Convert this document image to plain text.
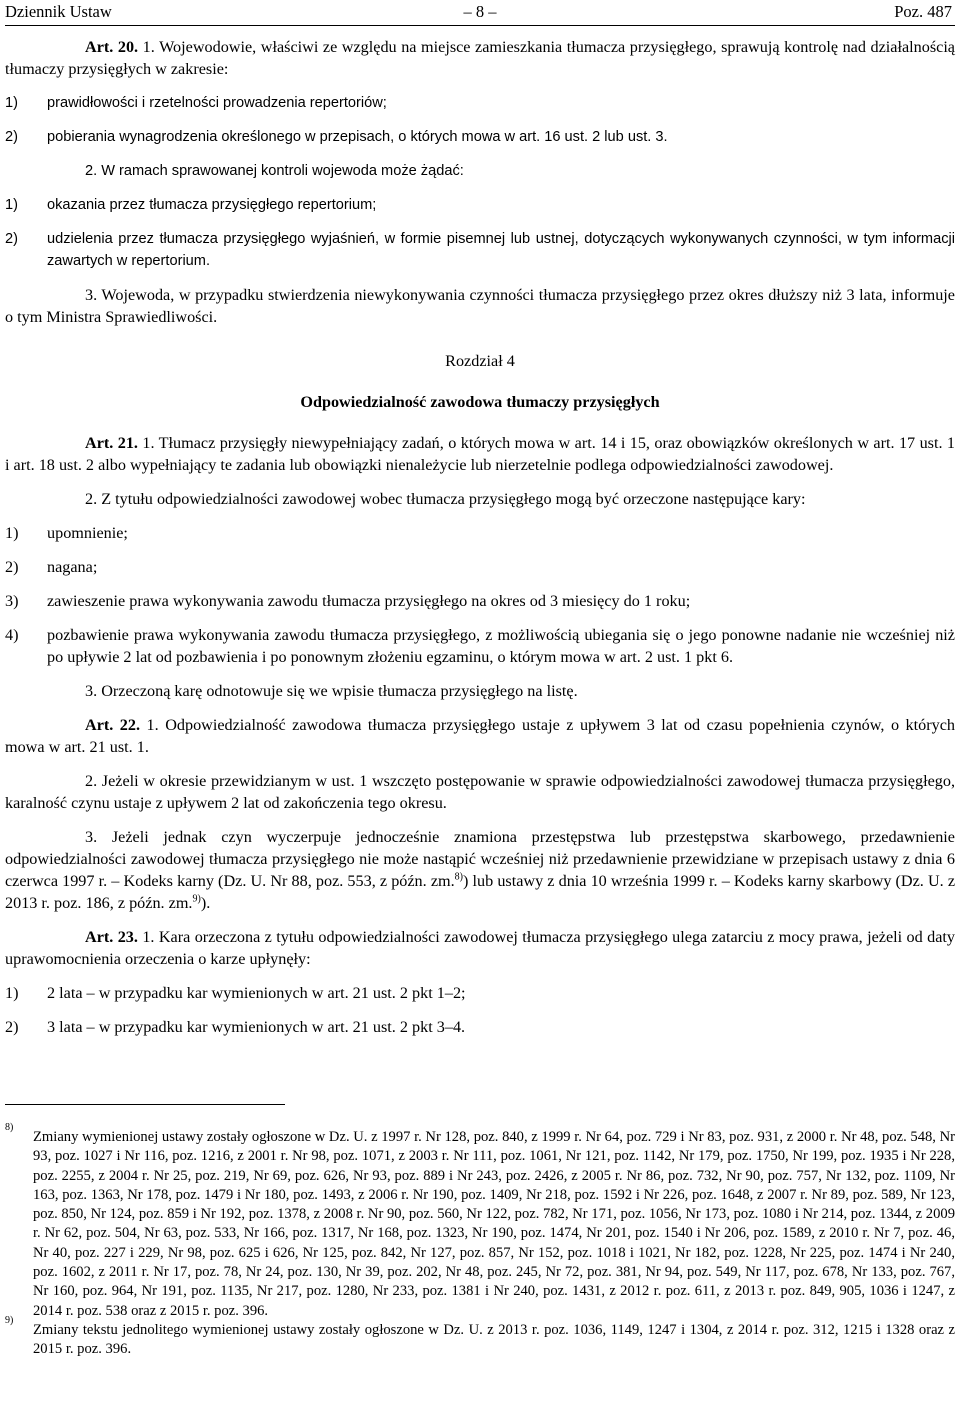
Dziennik Ustaw	– 8 –	Poz. 487

Art. 20. 1. Wojewodowie, właściwi ze względu na miejsce zamieszkania tłumacza przysięgłego, sprawują kontrolę nad działalnością tłumaczy przysięgłych w zakresie:

1)	prawidłowości i rzetelności prowadzenia repertoriów;
2)	pobierania wynagrodzenia określonego w przepisach, o których mowa w art. 16 ust. 2 lub ust. 3.

2. W ramach sprawowanej kontroli wojewoda może żądać:

1)	okazania przez tłumacza przysięgłego repertorium;
2)	udzielenia przez tłumacza przysięgłego wyjaśnień, w formie pisemnej lub ustnej, dotyczących wykonywanych czynności, w tym informacji zawartych w repertorium.

3. Wojewoda, w przypadku stwierdzenia niewykonywania czynności tłumacza przysięgłego przez okres dłuższy niż 3 lata, informuje o tym Ministra Sprawiedliwości.

Rozdział 4

Odpowiedzialność zawodowa tłumaczy przysięgłych

Art. 21. 1. Tłumacz przysięgły niewypełniający zadań, o których mowa w art. 14 i 15, oraz obowiązków określonych w art. 17 ust. 1 i art. 18 ust. 2 albo wypełniający te zadania lub obowiązki nienależycie lub nierzetelnie podlega odpowiedzialności zawodowej.

2. Z tytułu odpowiedzialności zawodowej wobec tłumacza przysięgłego mogą być orzeczone następujące kary:

1)	upomnienie;
2)	nagana;
3)	zawieszenie prawa wykonywania zawodu tłumacza przysięgłego na okres od 3 miesięcy do 1 roku;
4)	pozbawienie prawa wykonywania zawodu tłumacza przysięgłego, z możliwością ubiegania się o jego ponowne nadanie nie wcześniej niż po upływie 2 lat od pozbawienia i po ponownym złożeniu egzaminu, o którym mowa w art. 2 ust. 1 pkt 6.

3. Orzeczoną karę odnotowuje się we wpisie tłumacza przysięgłego na listę.

Art. 22. 1. Odpowiedzialność zawodowa tłumacza przysięgłego ustaje z upływem 3 lat od czasu popełnienia czynów, o których mowa w art. 21 ust. 1.

2. Jeżeli w okresie przewidzianym w ust. 1 wszczęto postępowanie w sprawie odpowiedzialności zawodowej tłumacza przysięgłego, karalność czynu ustaje z upływem 2 lat od zakończenia tego okresu.

3. Jeżeli jednak czyn wyczerpuje jednocześnie znamiona przestępstwa lub przestępstwa skarbowego, przedawnienie odpowiedzialności zawodowej tłumacza przysięgłego nie może nastąpić wcześniej niż przedawnienie przewidziane w przepisach ustawy z dnia 6 czerwca 1997 r. – Kodeks karny (Dz. U. Nr 88, poz. 553, z późn. zm.$^{8)}$) lub ustawy z dnia 10 września 1999 r. – Kodeks karny skarbowy (Dz. U. z 2013 r. poz. 186, z późn. zm.$^{9)}$).

Art. 23. 1. Kara orzeczona z tytułu odpowiedzialności zawodowej tłumacza przysięgłego ulega zatarciu z mocy prawa, jeżeli od daty uprawomocnienia orzeczenia o karze upłynęły:

1)	2 lata – w przypadku kar wymienionych w art. 21 ust. 2 pkt 1–2;
2)	3 lata – w przypadku kar wymienionych w art. 21 ust. 2 pkt 3–4.
8)
Zmiany wymienionej ustawy zostały ogłoszone w Dz. U. z 1997 r. Nr 128, poz. 840, z 1999 r. Nr 64, poz. 729 i Nr 83, poz. 931, z 2000 r. Nr 48, poz. 548, Nr 93, poz. 1027 i Nr 116, poz. 1216, z 2001 r. Nr 98, poz. 1071, z 2003 r. Nr 111, poz. 1061, Nr 121, poz. 1142, Nr 179, poz. 1750, Nr 199, poz. 1935 i Nr 228, poz. 2255, z 2004 r. Nr 25, poz. 219, Nr 69, poz. 626, Nr 93, poz. 889 i Nr 243, poz. 2426, z 2005 r. Nr 86, poz. 732, Nr 90, poz. 757, Nr 132, poz. 1109, Nr 163, poz. 1363, Nr 178, poz. 1479 i Nr 180, poz. 1493, z 2006 r. Nr 190, poz. 1409, Nr 218, poz. 1592 i Nr 226, poz. 1648, z 2007 r. Nr 89, poz. 589, Nr 123, poz. 850, Nr 124, poz. 859 i Nr 192, poz. 1378, z 2008 r. Nr 90, poz. 560, Nr 122, poz. 782, Nr 171, poz. 1056, Nr 173, poz. 1080 i Nr 214, poz. 1344, z 2009 r. Nr 62, poz. 504, Nr 63, poz. 533, Nr 166, poz. 1317, Nr 168, poz. 1323, Nr 190, poz. 1474, Nr 201, poz. 1540 i Nr 206, poz. 1589, z 2010 r. Nr 7, poz. 46, Nr 40, poz. 227 i 229, Nr 98, poz. 625 i 626, Nr 125, poz. 842, Nr 127, poz. 857, Nr 152, poz. 1018 i 1021, Nr 182, poz. 1228, Nr 225, poz. 1474 i Nr 240, poz. 1602, z 2011 r. Nr 17, poz. 78, Nr 24, poz. 130, Nr 39, poz. 202, Nr 48, poz. 245, Nr 72, poz. 381, Nr 94, poz. 549, Nr 117, poz. 678, Nr 133, poz. 767, Nr 160, poz. 964, Nr 191, poz. 1135, Nr 217, poz. 1280, Nr 233, poz. 1381 i Nr 240, poz. 1431, z 2012 r. poz. 611, z 2013 r. poz. 849, 905, 1036 i 1247, z 2014 r. poz. 538 oraz z 2015 r. poz. 396.
9)
Zmiany tekstu jednolitego wymienionej ustawy zostały ogłoszone w Dz. U. z 2013 r. poz. 1036, 1149, 1247 i 1304, z 2014 r. poz. 312, 1215 i 1328 oraz z 2015 r. poz. 396.
